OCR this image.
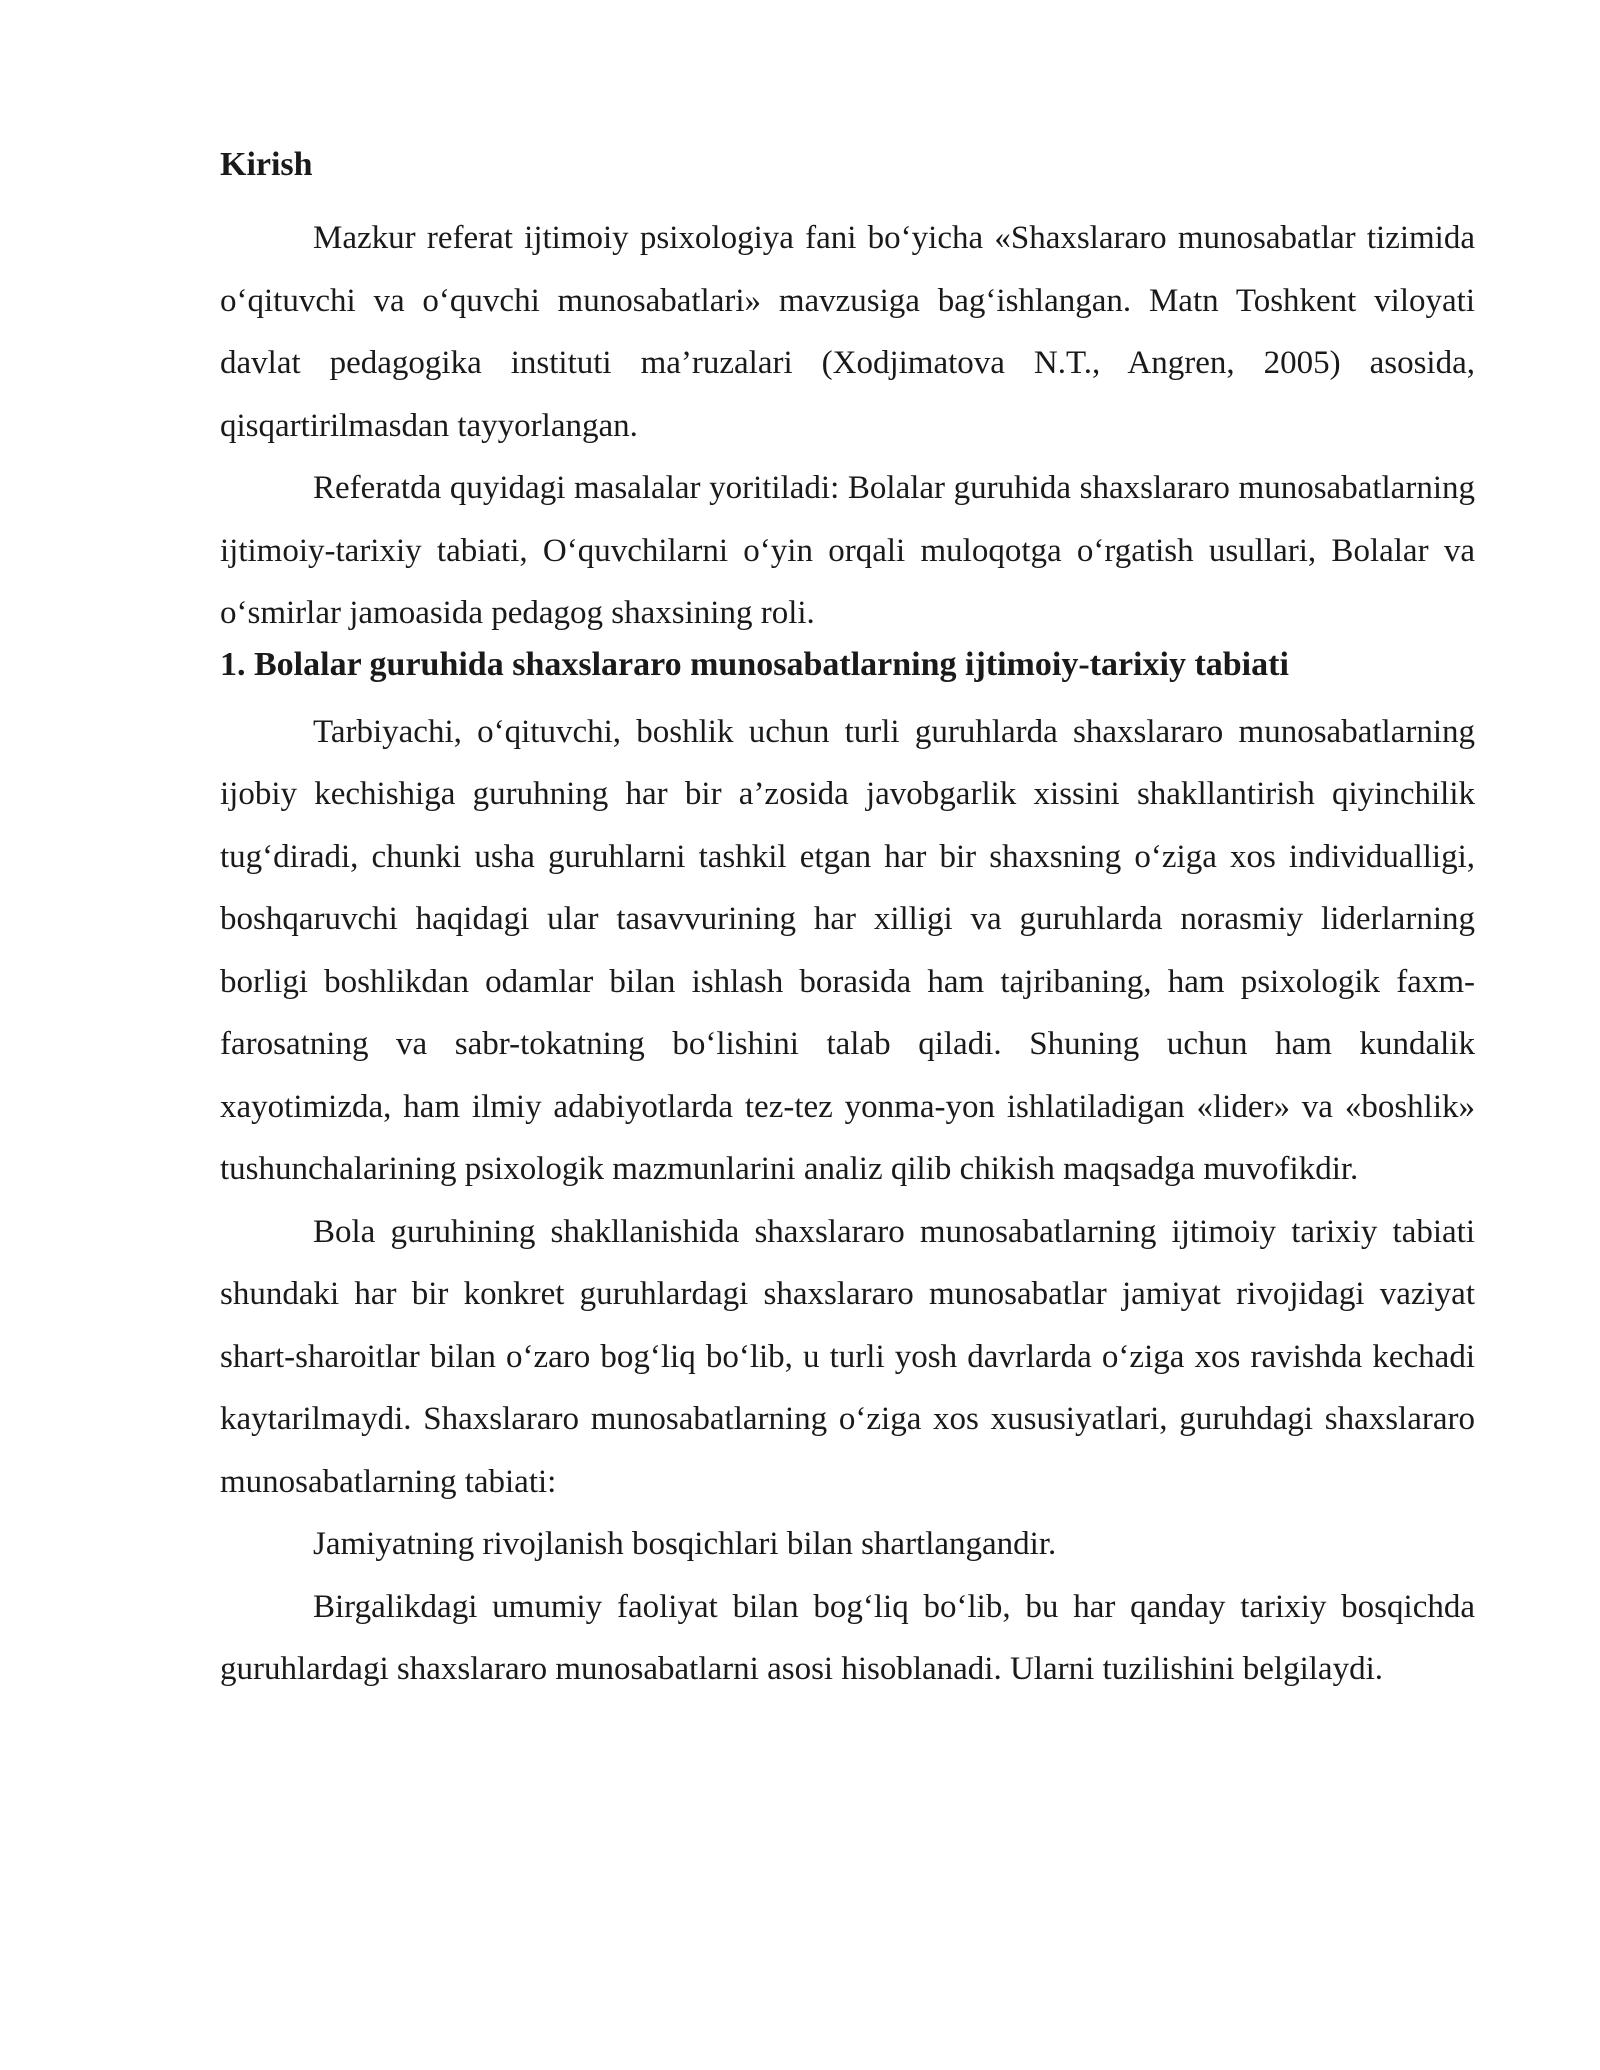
Kirish

Mazkur referat ijtimoiy psixologiya fani bo‘yicha «Shaxslararo munosabatlar tizimida o‘qituvchi va o‘quvchi munosabatlari» mavzusiga bag‘ishlangan. Matn Toshkent viloyati davlat pedagogika instituti ma’ruzalari (Xodjimatova N.T., Angren, 2005) asosida, qisqartirilmasdan tayyorlangan.

Referatda quyidagi masalalar yoritiladi: Bolalar guruhida shaxslararo munosabatlarning ijtimoiy-tarixiy tabiati, O‘quvchilarni o‘yin orqali muloqotga o‘rgatish usullari, Bolalar va o‘smirlar jamoasida pedagog shaxsining roli.

1. Bolalar guruhida shaxslararo munosabatlarning ijtimoiy-tarixiy tabiati

Tarbiyachi, o‘qituvchi, boshlik uchun turli guruhlarda shaxslararo munosabatlarning ijobiy kechishiga guruhning har bir a’zosida javobgarlik xissini shakllantirish qiyinchilik tug‘diradi, chunki usha guruhlarni tashkil etgan har bir shaxsning o‘ziga xos individualligi, boshqaruvchi haqidagi ular tasavvurining har xilligi va guruhlarda norasmiy liderlarning borligi boshlikdan odamlar bilan ishlash borasida ham tajribaning, ham psixologik faxm-farosatning va sabr-tokatning bo‘lishini talab qiladi. Shuning uchun ham kundalik xayotimizda, ham ilmiy adabiyotlarda tez-tez yonma-yon ishlatiladigan «lider» va «boshlik» tushunchalarining psixologik mazmunlarini analiz qilib chikish maqsadga muvofikdir.

Bola guruhining shakllanishida shaxslararo munosabatlarning ijtimoiy tarixiy tabiati shundaki har bir konkret guruhlardagi shaxslararo munosabatlar jamiyat rivojidagi vaziyat shart-sharoitlar bilan o‘zaro bog‘liq bo‘lib, u turli yosh davrlarda o‘ziga xos ravishda kechadi kaytarilmaydi. Shaxslararo munosabatlarning o‘ziga xos xususiyatlari, guruhdagi shaxslararo munosabatlarning tabiati:

Jamiyatning rivojlanish bosqichlari bilan shartlangandir.

Birgalikdagi umumiy faoliyat bilan bog‘liq bo‘lib, bu har qanday tarixiy bosqichda guruhlardagi shaxslararo munosabatlarni asosi hisoblanadi. Ularni tuzilishini belgilaydi.
